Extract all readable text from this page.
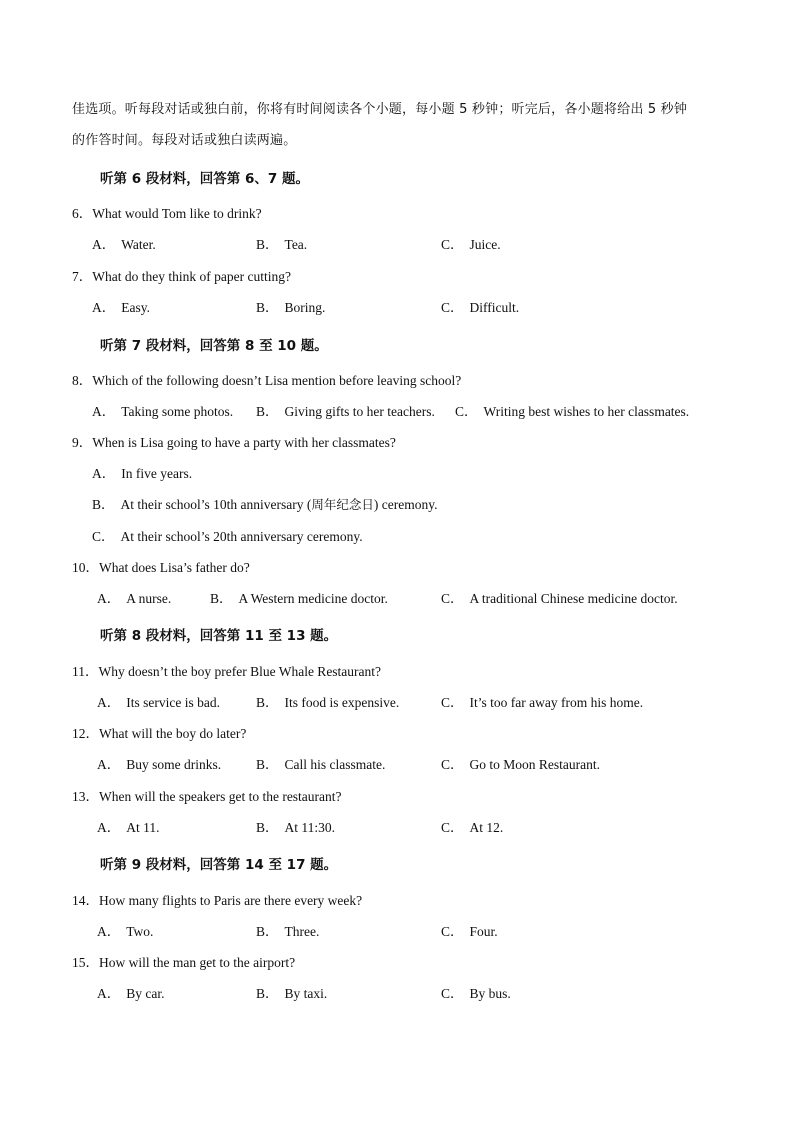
佳选项。听每段对话或独白前，你将有时间阅读各个小题，每小题 5 秒钟；听完后，各小题将给出 5 秒钟
的作答时间。每段对话或独白读两遍。
听第 6 段材料，回答第 6、7 题。
6．What would Tom like to drink?
A． Water.	B． Tea.	C． Juice.
7．What do they think of paper cutting?
A． Easy.	B． Boring.	C． Difficult.
听第 7 段材料，回答第 8 至 10 题。
8．Which of the following doesn’t Lisa mention before leaving school?
A． Taking some photos. B． Giving gifts to her teachers. C． Writing best wishes to her classmates.
9．When is Lisa going to have a party with her classmates?
A． In five years.
B． At their school’s 10th anniversary (周年纪念日) ceremony.
C． At their school’s 20th anniversary ceremony.
10．What does Lisa’s father do?
A． A nurse.	B． A Western medicine doctor.	C． A traditional Chinese medicine doctor.
听第 8 段材料，回答第 11 至 13 题。
11．Why doesn’t the boy prefer Blue Whale Restaurant?
A． Its service is bad.	B． Its food is expensive.	C． It’s too far away from his home.
12．What will the boy do later?
A． Buy some drinks.	B． Call his classmate.	C． Go to Moon Restaurant.
13．When will the speakers get to the restaurant?
A． At 11.	B． At 11:30.	C． At 12.
听第 9 段材料，回答第 14 至 17 题。
14．How many flights to Paris are there every week?
A． Two.	B． Three.	C． Four.
15．How will the man get to the airport?
A． By car.	B． By taxi.	C． By bus.
